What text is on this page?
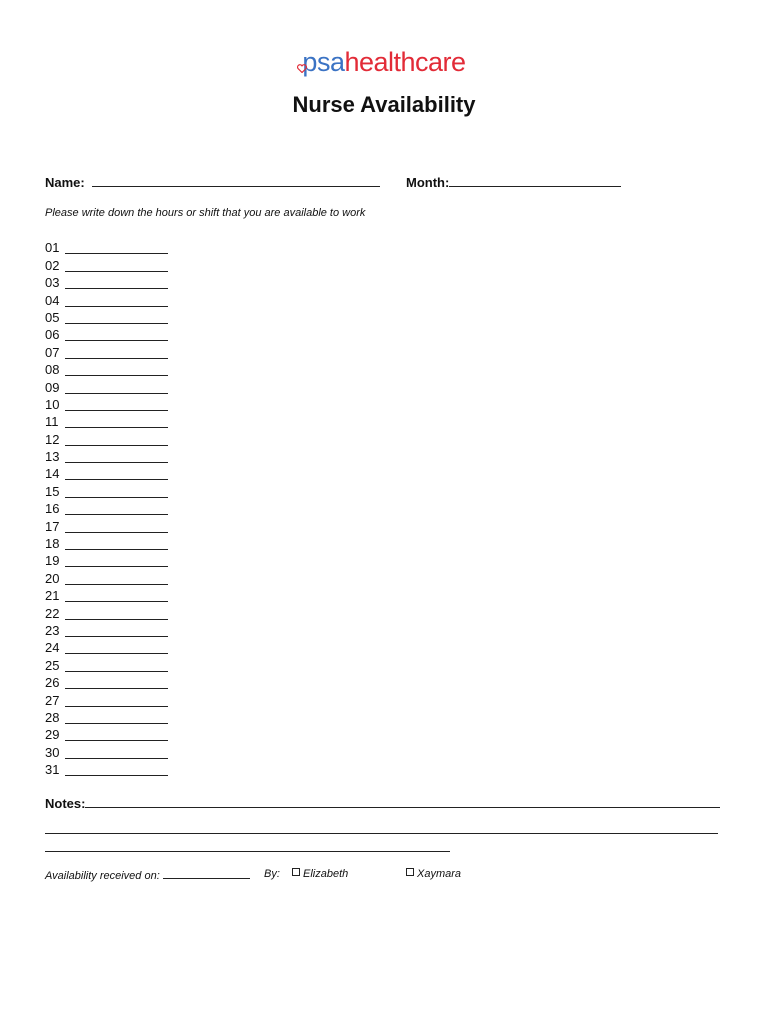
psahealthcare
Nurse Availability
Name:	Month:
Please write down the hours or shift that you are available to work
01
02
03
04
05
06
07
08
09
10
11
12
13
14
15
16
17
18
19
20
21
22
23
24
25
26
27
28
29
30
31
Notes:
Availability received on:	By:	Elizabeth	Xaymara
